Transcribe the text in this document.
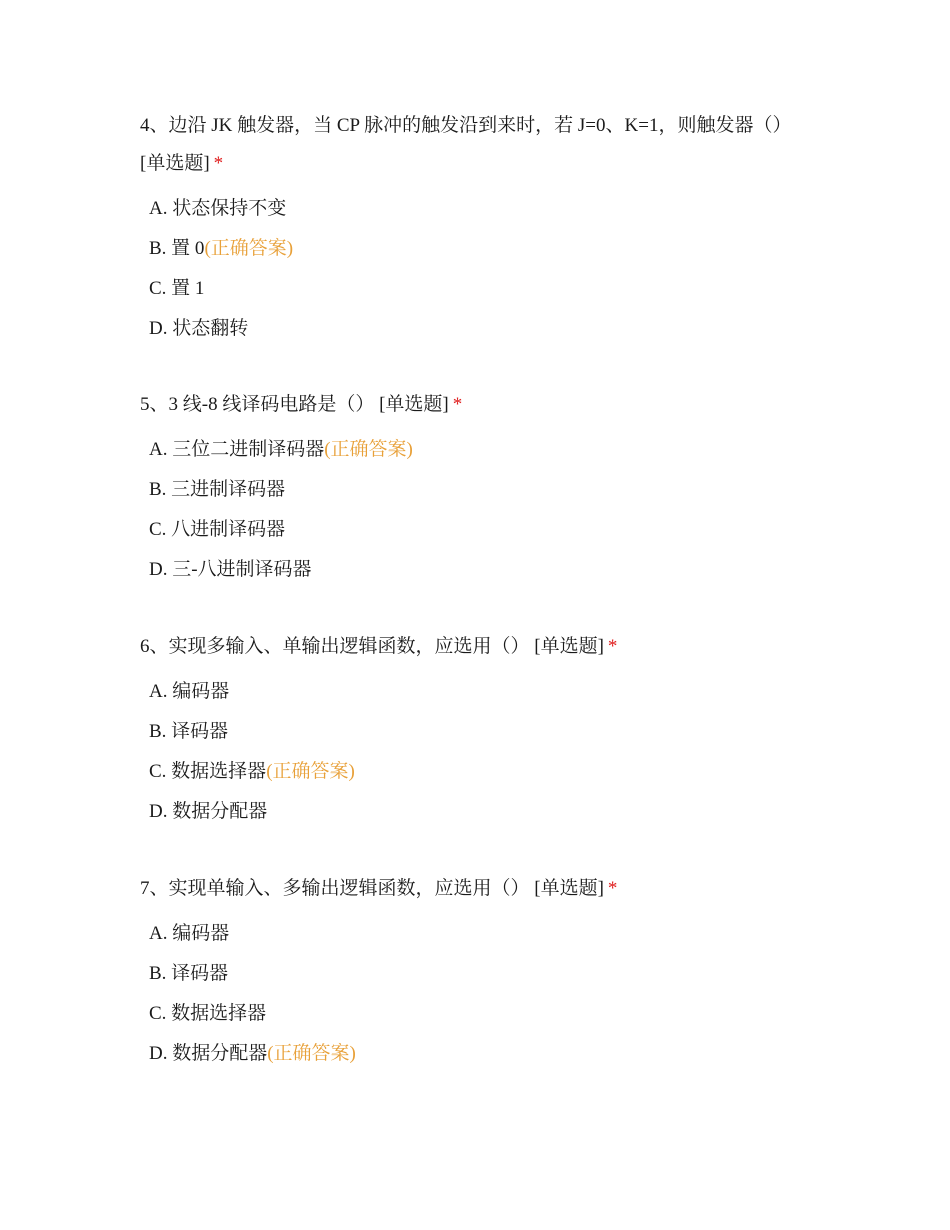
4、边沿 JK 触发器，当 CP 脉冲的触发沿到来时，若 J=0、K=1，则触发器（） [单选题] *

A. 状态保持不变
B. 置 0(正确答案)
C. 置 1
D. 状态翻转

5、3 线-8 线译码电路是（） [单选题] *

A. 三位二进制译码器(正确答案)
B. 三进制译码器
C. 八进制译码器
D. 三-八进制译码器

6、实现多输入、单输出逻辑函数，应选用（） [单选题] *

A. 编码器
B. 译码器
C. 数据选择器(正确答案)
D. 数据分配器

7、实现单输入、多输出逻辑函数，应选用（） [单选题] *

A. 编码器
B. 译码器
C. 数据选择器
D. 数据分配器(正确答案)
